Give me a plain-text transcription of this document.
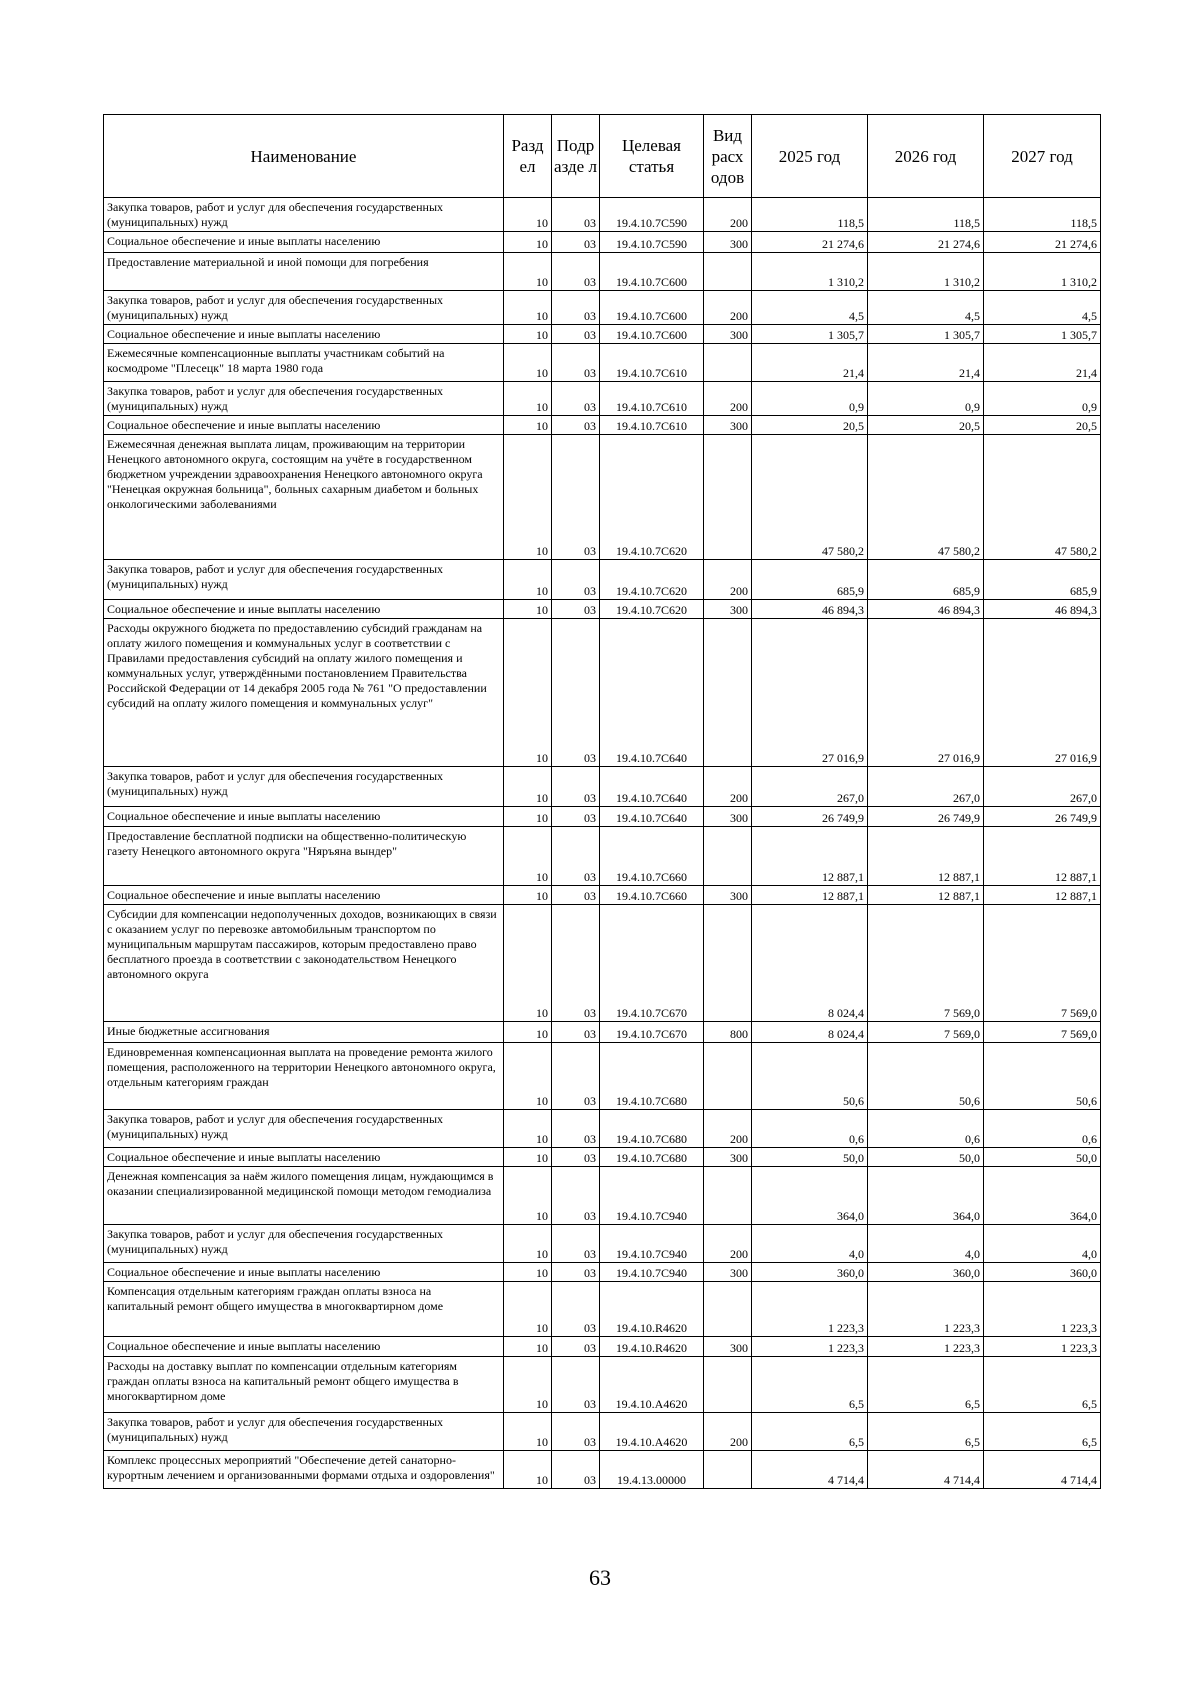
Наименование	Разд ел	Подр азде л	Целевая статья	Вид расх одов	2025 год	2026 год	2027 год
Закупка товаров, работ и услуг для обеспечения государственных (муниципальных) нужд	10	03	19.4.10.7С590	200	118,5	118,5	118,5
Социальное обеспечение и иные выплаты населению	10	03	19.4.10.7С590	300	21 274,6	21 274,6	21 274,6
Предоставление материальной и иной помощи для погребения	10	03	19.4.10.7С600		1 310,2	1 310,2	1 310,2
Закупка товаров, работ и услуг для обеспечения государственных (муниципальных) нужд	10	03	19.4.10.7С600	200	4,5	4,5	4,5
Социальное обеспечение и иные выплаты населению	10	03	19.4.10.7С600	300	1 305,7	1 305,7	1 305,7
Ежемесячные компенсационные выплаты участникам событий на космодроме "Плесецк" 18 марта 1980 года	10	03	19.4.10.7С610		21,4	21,4	21,4
Закупка товаров, работ и услуг для обеспечения государственных (муниципальных) нужд	10	03	19.4.10.7С610	200	0,9	0,9	0,9
Социальное обеспечение и иные выплаты населению	10	03	19.4.10.7С610	300	20,5	20,5	20,5
Ежемесячная денежная выплата лицам, проживающим на территории Ненецкого автономного округа, состоящим на учёте в государственном бюджетном учреждении здравоохранения Ненецкого автономного округа "Ненецкая окружная больница", больных сахарным диабетом и больных онкологическими заболеваниями	10	03	19.4.10.7С620		47 580,2	47 580,2	47 580,2
Закупка товаров, работ и услуг для обеспечения государственных (муниципальных) нужд	10	03	19.4.10.7С620	200	685,9	685,9	685,9
Социальное обеспечение и иные выплаты населению	10	03	19.4.10.7С620	300	46 894,3	46 894,3	46 894,3
Расходы окружного бюджета по предоставлению субсидий гражданам на оплату жилого помещения и коммунальных услуг в соответствии с Правилами предоставления субсидий на оплату жилого помещения и коммунальных услуг, утверждёнными постановлением Правительства Российской Федерации от 14 декабря 2005 года № 761 "О предоставлении субсидий на оплату жилого помещения и коммунальных услуг"	10	03	19.4.10.7С640		27 016,9	27 016,9	27 016,9
Закупка товаров, работ и услуг для обеспечения государственных (муниципальных) нужд	10	03	19.4.10.7С640	200	267,0	267,0	267,0
Социальное обеспечение и иные выплаты населению	10	03	19.4.10.7С640	300	26 749,9	26 749,9	26 749,9
Предоставление бесплатной подписки на общественно-политическую газету Ненецкого автономного округа "Няръяна вындер"	10	03	19.4.10.7С660		12 887,1	12 887,1	12 887,1
Социальное обеспечение и иные выплаты населению	10	03	19.4.10.7С660	300	12 887,1	12 887,1	12 887,1
Субсидии для компенсации недополученных доходов, возникающих в связи с оказанием услуг по перевозке автомобильным транспортом по муниципальным маршрутам пассажиров, которым предоставлено право бесплатного проезда в соответствии с законодательством Ненецкого автономного округа	10	03	19.4.10.7С670		8 024,4	7 569,0	7 569,0
Иные бюджетные ассигнования	10	03	19.4.10.7С670	800	8 024,4	7 569,0	7 569,0
Единовременная компенсационная выплата на проведение ремонта жилого помещения, расположенного на территории Ненецкого автономного округа, отдельным категориям граждан	10	03	19.4.10.7С680		50,6	50,6	50,6
Закупка товаров, работ и услуг для обеспечения государственных (муниципальных) нужд	10	03	19.4.10.7С680	200	0,6	0,6	0,6
Социальное обеспечение и иные выплаты населению	10	03	19.4.10.7С680	300	50,0	50,0	50,0
Денежная компенсация за наём жилого помещения лицам, нуждающимся в оказании специализированной медицинской помощи методом гемодиализа	10	03	19.4.10.7С940		364,0	364,0	364,0
Закупка товаров, работ и услуг для обеспечения государственных (муниципальных) нужд	10	03	19.4.10.7С940	200	4,0	4,0	4,0
Социальное обеспечение и иные выплаты населению	10	03	19.4.10.7С940	300	360,0	360,0	360,0
Компенсация отдельным категориям граждан оплаты взноса на капитальный ремонт общего имущества в многоквартирном доме	10	03	19.4.10.R4620		1 223,3	1 223,3	1 223,3
Социальное обеспечение и иные выплаты населению	10	03	19.4.10.R4620	300	1 223,3	1 223,3	1 223,3
Расходы на доставку выплат по компенсации отдельным категориям граждан оплаты взноса на капитальный ремонт общего имущества в многоквартирном доме	10	03	19.4.10.А4620		6,5	6,5	6,5
Закупка товаров, работ и услуг для обеспечения государственных (муниципальных) нужд	10	03	19.4.10.А4620	200	6,5	6,5	6,5
Комплекс процессных мероприятий "Обеспечение детей санаторно-курортным лечением и организованными формами отдыха и оздоровления"	10	03	19.4.13.00000		4 714,4	4 714,4	4 714,4
63
